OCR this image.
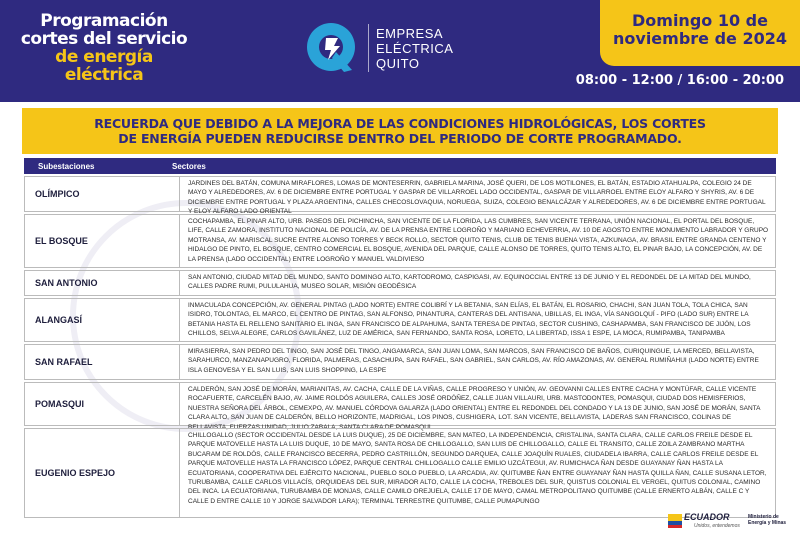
Programación
cortes del servicio
de energía eléctrica
EMPRESA
ELÉCTRICA
QUITO
Domingo 10 de
noviembre de 2024
08:00 - 12:00 / 16:00 - 20:00
RECUERDA QUE DEBIDO A LA MEJORA DE LAS CONDICIONES HIDROLÓGICAS, LOS CORTES
DE ENERGÍA PUEDEN REDUCIRSE DENTRO DEL PERIODO DE CORTE PROGRAMADO.
Subestaciones	Sectores
OLÍMPICO
JARDINES DEL BATÁN, COMUNA MIRAFLORES, LOMAS DE MONTESERRIN, GABRIELA MARINA, JOSÉ QUERI, DE LOS MOTILONES, EL BATÁN, ESTADIO ATAHUALPA, COLEGIO 24 DE MAYO Y ALREDEDORES, AV. 6 DE DICIEMBRE ENTRE PORTUGAL Y GASPAR DE VILLARROEL LADO OCCIDENTAL, GASPAR DE VILLARROEL ENTRE ELOY ALFARO Y SHYRIS, AV. 6 DE DICIEMBRE ENTRE PORTUGAL Y PLAZA ARGENTINA, CALLES CHECOSLOVAQUIA, NORUEGA, SUIZA, COLEGIO BENALCÁZAR Y ALREDEDORES, AV. 6 DE DICIEMBRE ENTRE PORTUGAL Y ELOY ALFARO LADO ORIENTAL
EL BOSQUE
COCHAPAMBA, EL PINAR ALTO, URB. PASEOS DEL PICHINCHA, SAN VICENTE DE LA FLORIDA, LAS CUMBRES, SAN VICENTE TERRANA, UNIÓN NACIONAL, EL PORTAL DEL BOSQUE, LIFE, CALLE ZAMORA, INSTITUTO NACIONAL DE POLICÍA, AV. DE LA PRENSA ENTRE LOGROÑO Y MARIANO ECHEVERRIA, AV. 10 DE AGOSTO ENTRE MONUMENTO LABRADOR Y GRUPO MOTRANSA, AV. MARISCAL SUCRE ENTRE ALONSO TORRES Y BECK ROLLO, SECTOR QUITO TENIS, CLUB DE TENIS BUENA VISTA, AZKUNAGA, AV. BRASIL ENTRE GRANDA CENTENO Y HIDALGO DE PINTO, EL BOSQUE, CENTRO COMERCIAL EL BOSQUE, AVENIDA DEL PARQUE, CALLE ALONSO DE TORRES, QUITO TENIS ALTO, EL PINAR BAJO, LA CONCEPCIÓN, AV. DE LA PRENSA (LADO OCCIDENTAL) ENTRE LOGROÑO Y MANUEL VALDIVIESO
SAN ANTONIO
SAN ANTONIO, CIUDAD MITAD DEL MUNDO, SANTO DOMINGO ALTO, KARTODROMO, CASPIGASI, AV. EQUINOCCIAL ENTRE 13 DE JUNIO Y EL REDONDEL DE LA MITAD DEL MUNDO, CALLES PADRE RUMI, PULULAHUA, MUSEO SOLAR, MISIÓN GEODÉSICA
ALANGASÍ
INMACULADA CONCEPCIÓN, AV. GENERAL PINTAG (LADO NORTE) ENTRE COLIBRÍ Y LA BETANIA, SAN ELÍAS, EL BATÁN, EL ROSARIO, CHACHI, SAN JUAN TOLA, TOLA CHICA, SAN ISIDRO, TOLONTAG, EL MARCO, EL CENTRO DE PINTAG, SAN ALFONSO, PINANTURA, CANTERAS DEL ANTISANA, UBILLAS, EL INGA, VÍA SANGOLQUÍ - PIFO (LADO SUR) ENTRE LA BETANIA HASTA EL RELLENO SANITARIO EL INGA, SAN FRANCISCO DE ALPAHUMA, SANTA TERESA DE PINTAG, SECTOR CUSHING, CASHAPAMBA, SAN FRANCISCO DE JIJÓN, LOS CHILLOS, SELVA ALEGRE, CARLOS GAVILÁNEZ, LUZ DE AMÉRICA, SAN FERNANDO, SANTA ROSA, LORETO, LA LIBERTAD, ISSA 1 ESPE, LA MOCA, RUMIPAMBA, TANIPAMBA
SAN RAFAEL
MIRASIERRA, SAN PEDRO DEL TINGO, SAN JOSÉ DEL TINGO, ANGAMARCA, SAN JUAN LOMA, SAN MARCOS, SAN FRANCISCO DE BAÑOS, CURIQUINGUE, LA MERCED, BELLAVISTA, SARAHURCO, MANZANAPUGRO, FLORIDA, PALMERAS, CASACHUPA, SAN RAFAEL, SAN GABRIEL, SAN CARLOS, AV. RÍO AMAZONAS, AV. GENERAL RUMIÑAHUI (LADO NORTE) ENTRE ISLA GENOVESA Y EL SAN LUIS, SAN LUIS SHOPPING, LA ESPE
POMASQUI
CALDERÓN, SAN JOSÉ DE MORÁN, MARIANITAS, AV. CACHA, CALLE DE LA VIÑAS, CALLE PROGRESO Y UNIÓN, AV. GEOVANNI CALLES ENTRE CACHA Y MONTÚFAR, CALLE VICENTE ROCAFUERTE, CARCELÉN BAJO, AV. JAIME ROLDÓS AGUILERA, CALLES JOSÉ ORDÓÑEZ, CALLE JUAN VILLAURI, URB. MASTODONTES, POMASQUI, CIUDAD DOS HEMISFERIOS, NUESTRA SEÑORA DEL ÁRBOL, CEMEXPO, AV. MANUEL CÓRDOVA GALARZA (LADO ORIENTAL) ENTRE EL REDONDEL DEL CONDADO Y LA 13 DE JUNIO, SAN JOSÉ DE MORÁN, SANTA CLARA ALTO, SAN JUAN DE CALDERÓN, BELLO HORIZONTE, MADRIGAL, LOS PINOS, CUSHIGERA, LOT. SAN VICENTE, BELLAVISTA, LADERAS SAN FRANCISCO, COLINAS DE BELLAVISTA, FUERZAS UNIDAD, JULIO ZABALA, SANTA CLARA DE POMASQUI
EUGENIO ESPEJO
CHILLOGALLO (SECTOR OCCIDENTAL DESDE LA LUIS DUQUE), 25 DE DICIEMBRE, SAN MATEO, LA INDEPENDENCIA, CRISTALINA, SANTA CLARA, CALLE CARLOS FREILE DESDE EL PARQUE MATOVELLE HASTA LA LUIS DUQUE, 10 DE MAYO, SANTA ROSA DE CHILLOGALLO, SAN LUIS DE CHILLOGALLO, CALLE EL TRANSITO, CALLE ZOILA ZAMBRANO MARTHA BUCARAM DE ROLDÓS, CALLE FRANCISCO BECERRA, PEDRO CASTRILLÓN, SEGUNDO DARQUEA, CALLE JOAQUÍN RUALES, CIUDADELA IBARRA, CALLE CARLOS FREILE DESDE EL PARQUE MATOVELLE HASTA LA FRANCISCO LÓPEZ, PARQUE CENTRAL CHILLOGALLO CALLE EMILIO UZCÁTEGUI, AV. RUMICHACA ÑAN DESDE GUAYANAY ÑAN HASTA LA ECUATORIANA, COOPERATIVA DEL EJÉRCITO NACIONAL, PUEBLO SOLO PUEBLO, LA ARCADIA, AV. QUITUMBE ÑAN ENTRE GUAYANAY ÑAN HASTA QUILLA ÑAN, CALLE SUSANA LETOR, TURUBAMBA, CALLE CARLOS VILLACÍS, ORQUIDEAS DEL SUR, MIRADOR ALTO, CALLE LA COCHA, TREBOLES DEL SUR, QUISTUS COLONIAL EL VERGEL, QUITUS COLONIAL, CAMINO DEL INCA. LA ECUATORIANA, TURUBAMBA DE MONJAS, CALLE CAMILO OREJUELA, CALLE 17 DE MAYO, CAMAL METROPOLITANO QUITUMBE (CALLE ERNERTO ALBÁN, CALLE C Y CALLE D ENTRE CALLE 10 Y JORGE SALVADOR LARA); TERMINAL TERRESTRE QUITUMBE, CALLE PUMAPUNGO
ECUADOR
Unidos, entendemos
Ministerio de Energía y Minas
